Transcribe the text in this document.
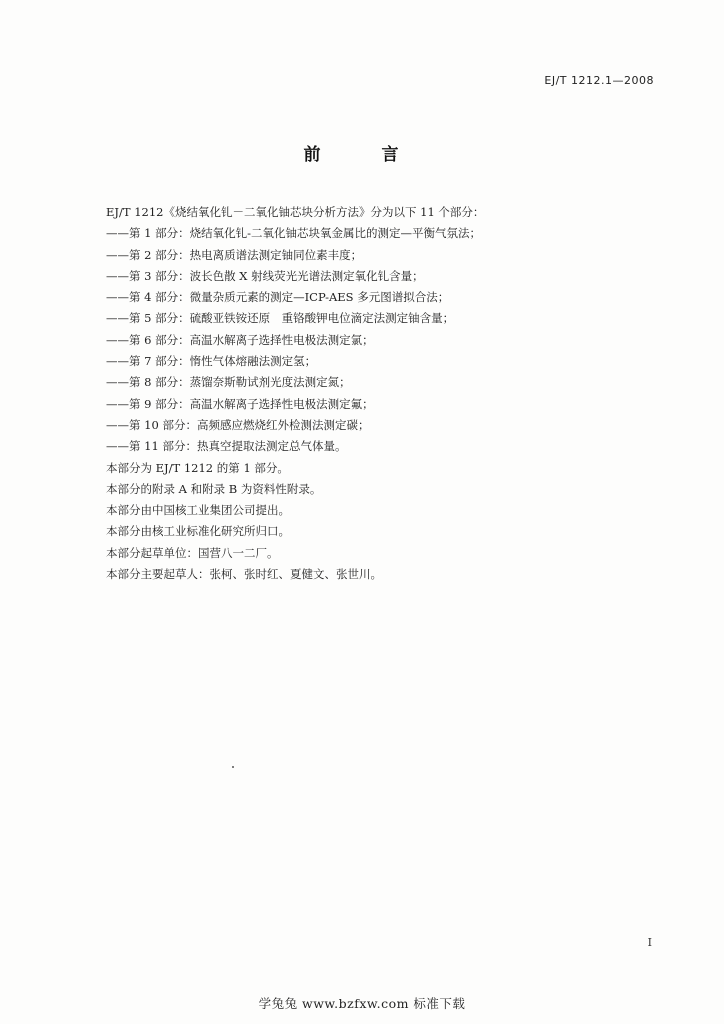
EJ/T 1212.1—2008
前　言
EJ/T 1212《烧结氧化钆－二氧化铀芯块分析方法》分为以下 11 个部分：
——第 1 部分：烧结氧化钆-二氧化铀芯块氧金属比的测定—平衡气氛法；
——第 2 部分：热电离质谱法测定铀同位素丰度；
——第 3 部分：波长色散 X 射线荧光光谱法测定氧化钆含量；
——第 4 部分：微量杂质元素的测定—ICP-AES 多元图谱拟合法；
——第 5 部分：硫酸亚铁铵还原　重铬酸钾电位滴定法测定铀含量；
——第 6 部分：高温水解离子选择性电极法测定氯；
——第 7 部分：惰性气体熔融法测定氢；
——第 8 部分：蒸馏奈斯勒试剂光度法测定氮；
——第 9 部分：高温水解离子选择性电极法测定氟；
——第 10 部分：高频感应燃烧红外检测法测定碳；
——第 11 部分：热真空提取法测定总气体量。
本部分为 EJ/T 1212 的第 1 部分。
本部分的附录 A 和附录 B 为资料性附录。
本部分由中国核工业集团公司提出。
本部分由核工业标准化研究所归口。
本部分起草单位：国营八一二厂。
本部分主要起草人：张柯、张时红、夏健文、张世川。
I
学兔兔 www.bzfxw.com 标准下载
